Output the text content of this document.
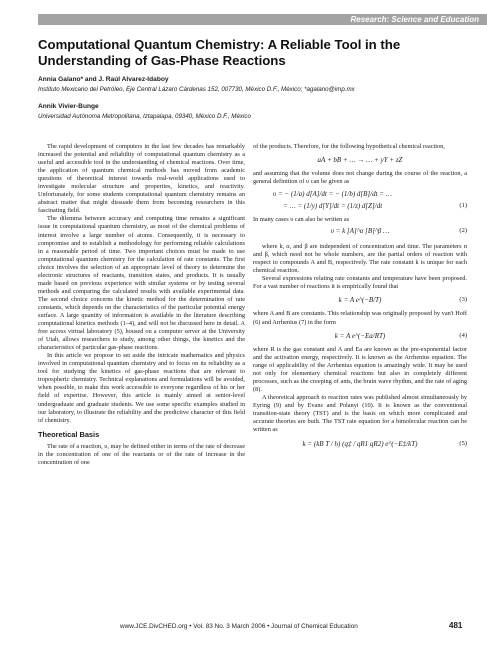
Research: Science and Education
Computational Quantum Chemistry: A Reliable Tool in the Understanding of Gas-Phase Reactions
Annia Galano* and J. Raúl Alvarez-Idaboy
Instituto Mexicano del Petróleo, Eje Central Lázaro Cárdenas 152, 007730, México D.F., México; *agalano@imp.mx
Annik Vivier-Bunge
Universidad Autónoma Metropolitana, Iztapalapa, 09340, México D.F., México

The rapid development of computers in the last few decades has remarkably increased the potential and reliability of computational quantum chemistry as a useful and accessible tool in the understanding of chemical reactions. Over time, the application of quantum chemical methods has moved from academic questions of theoretical interest towards real-world applications used to investigate molecular structure and properties, kinetics, and reactivity. Unfortunately, for some students computational quantum chemistry remains an abstract matter that might dissuade them from becoming researchers in this fascinating field.

The dilemma between accuracy and computing time remains a significant issue in computational quantum chemistry, as most of the chemical problems of interest involve a large number of atoms. Consequently, it is necessary to compromise and to establish a methodology for performing reliable calculations in a reasonable period of time. Two important choices must be made to use computational quantum chemistry for the calculation of rate constants. The first choice involves the selection of an appropriate level of theory to determine the electronic structures of reactants, transition states, and products. It is usually made based on previous experience with similar systems or by testing several methods and comparing the calculated results with available experimental data. The second choice concerns the kinetic method for the determination of rate constants, which depends on the characteristics of the particular potential energy surface. A large quantity of information is available in the literature describing computational kinetics methods (1–4), and will not be discussed here in detail. A free access virtual laboratory (5), housed on a computer server at the University of Utah, allows researchers to study, among other things, the kinetics and the characteristics of particular gas-phase reactions.

In this article we propose to set aside the intricate mathematics and physics involved in computational quantum chemistry and to focus on its reliability as a tool for studying the kinetics of gas-phase reactions that are relevant to tropospheric chemistry. Technical explanations and formulations will be avoided, when possible, to make this work accessible to everyone regardless of his or her field of expertise. However, this article is mainly aimed at senior-level undergraduate and graduate students. We use some specific examples studied in our laboratory, to illustrate the reliability and the predictive character of this field of chemistry.

Theoretical Basis

The rate of a reaction, υ, may be defined either in terms of the rate of decrease in the concentration of one of the reactants or of the rate of increase in the concentration of one

of the products. Therefore, for the following hypothetical chemical reaction,

aA + bB + … → … + yY + zZ

and assuming that the volume does not change during the course of the reaction, a general definition of υ can be given as

υ = − (1/a) d[A]/dt = − (1/b) d[B]/dt = …
= … = (1/y) d[Y]/dt = (1/z) d[Z]/dt	(1)

In many cases υ can also be written as

υ = k [A]^α [B]^β …	(2)

where k, α, and β are independent of concentration and time. The parameters α and β, which need not be whole numbers, are the partial orders of reaction with respect to compounds A and B, respectively. The rate constant k is unique for each chemical reaction.

Several expressions relating rate constants and temperature have been proposed. For a vast number of reactions it is empirically found that

k = A e^(−B/T)	(3)

where A and B are constants. This relationship was originally proposed by van't Hoff (6) and Arrhenius (7) in the form

k = A e^(−Ea/RT)	(4)

where R is the gas constant and A and Ea are known as the pre-exponential factor and the activation energy, respectively. It is known as the Arrhenius equation. The range of applicability of the Arrhenius equation is amazingly wide. It may be used not only for elementary chemical reactions but also in completely different processes, such as the creeping of ants, the brain wave rhythm, and the rate of aging (8).

A theoretical approach to reaction rates was published almost simultaneously by Eyring (9) and by Evans and Polanyi (10). It is known as the conventional transition-state theory (TST) and is the basis on which more complicated and accurate theories are built. The TST rate equation for a bimolecular reaction can be written as

k = (kB T / h) (q‡ / qR1 qR2) e^(−E‡/kT)	(5)
www.JCE.DivCHED.org • Vol. 83 No. 3 March 2006 • Journal of Chemical Education	481
